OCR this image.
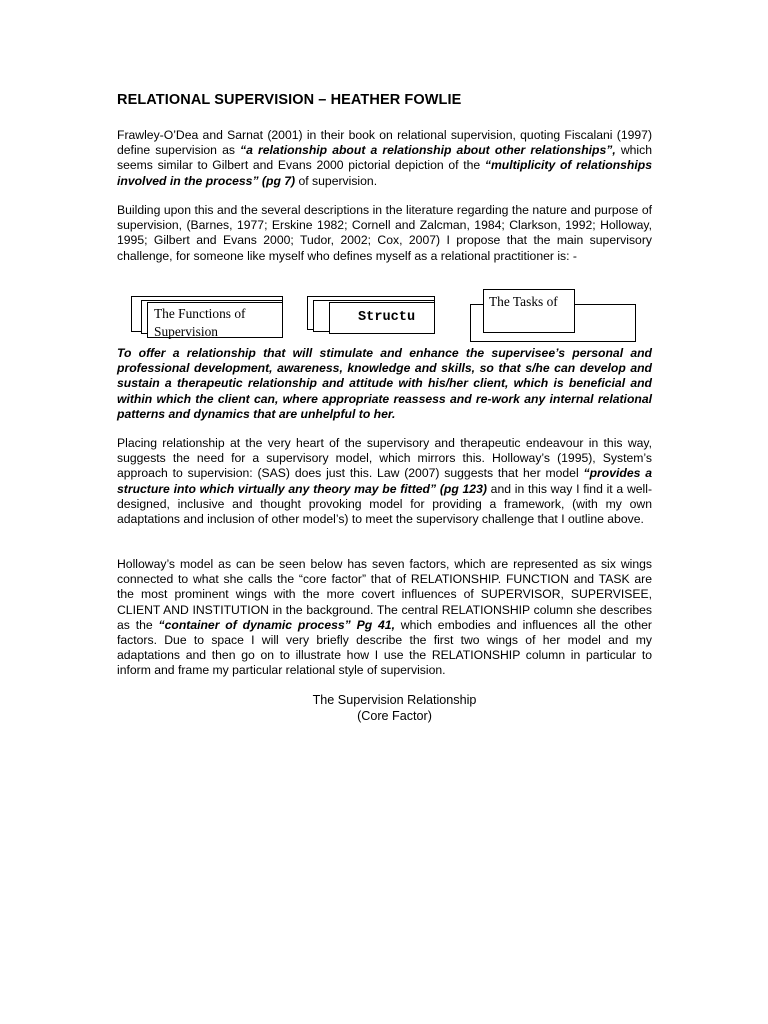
RELATIONAL SUPERVISION – HEATHER FOWLIE

Frawley-O’Dea and Sarnat (2001) in their book on relational supervision, quoting Fiscalani (1997) define supervision as “a relationship about a relationship about other relationships”, which seems similar to Gilbert and Evans 2000 pictorial depiction of the “multiplicity of relationships involved in the process” (pg 7) of supervision.

Building upon this and the several descriptions in the literature regarding the nature and purpose of supervision, (Barnes, 1977; Erskine 1982; Cornell and Zalcman, 1984; Clarkson, 1992; Holloway, 1995; Gilbert and Evans 2000; Tudor, 2002; Cox, 2007) I propose that the main supervisory challenge, for someone like myself who defines myself as a relational practitioner is: -

The Functions of Supervision
Structu
The Tasks of

To offer a relationship that will stimulate and enhance the supervisee’s personal and professional development, awareness, knowledge and skills, so that s/he can develop and sustain a therapeutic relationship and attitude with his/her client, which is beneficial and within which the client can, where appropriate reassess and re-work any internal relational patterns and dynamics that are unhelpful to her.

Placing relationship at the very heart of the supervisory and therapeutic endeavour in this way, suggests the need for a supervisory model, which mirrors this. Holloway’s (1995), System’s approach to supervision: (SAS) does just this. Law (2007) suggests that her model “provides a structure into which virtually any theory may be fitted” (pg 123) and in this way I find it a well-designed, inclusive and thought provoking model for providing a framework, (with my own adaptations and inclusion of other model’s) to meet the supervisory challenge that I outline above.

Holloway’s model as can be seen below has seven factors, which are represented as six wings connected to what she calls the “core factor” that of RELATIONSHIP. FUNCTION and TASK are the most prominent wings with the more covert influences of SUPERVISOR, SUPERVISEE, CLIENT AND INSTITUTION in the background. The central RELATIONSHIP column she describes as the “container of dynamic process” Pg 41, which embodies and influences all the other factors. Due to space I will very briefly describe the first two wings of her model and my adaptations and then go on to illustrate how I use the RELATIONSHIP column in particular to inform and frame my particular relational style of supervision.

The Supervision Relationship
(Core Factor)
